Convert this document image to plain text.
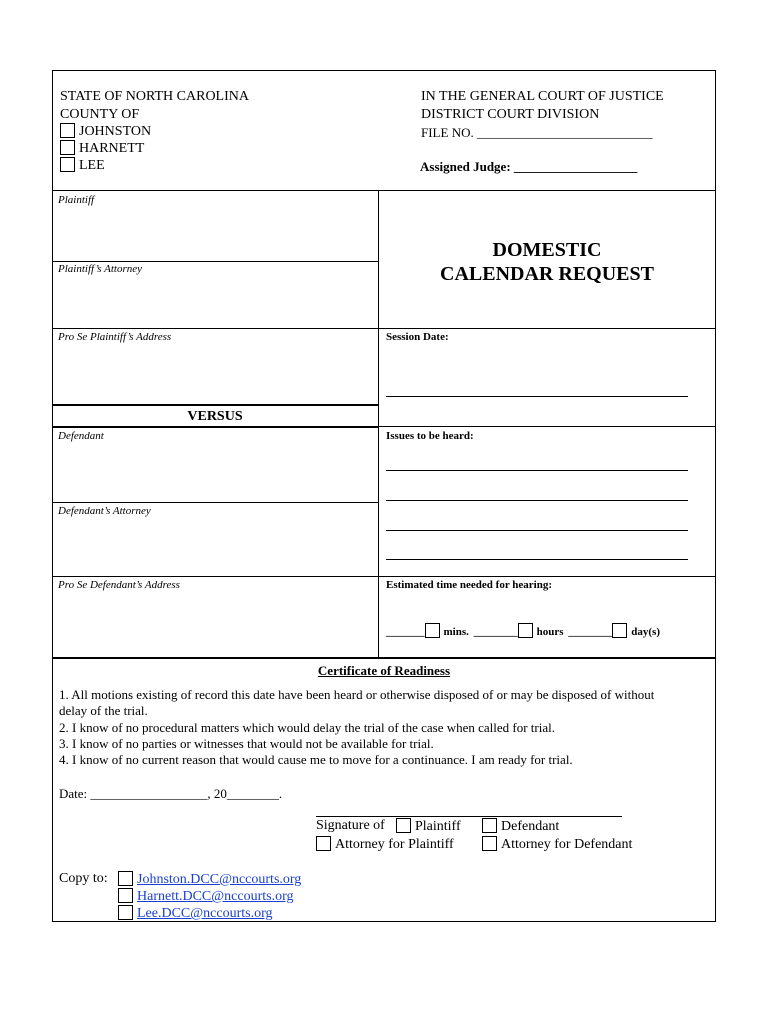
STATE OF NORTH CAROLINA
COUNTY OF
JOHNSTON
HARNETT
LEE
IN THE GENERAL COURT OF JUSTICE
DISTRICT COURT DIVISION
FILE NO. ___________________________
Assigned Judge: ___________________
Plaintiff
Plaintiff’s Attorney
Pro Se Plaintiff’s Address
VERSUS
Defendant
Defendant’s Attorney
Pro Se Defendant’s Address
DOMESTIC
CALENDAR REQUEST
Session Date:
Issues to be heard:
Estimated time needed for hearing:
_______ mins. ________ hours ________ day(s)
Certificate of Readiness
1. All motions existing of record this date have been heard or otherwise disposed of or may be disposed of without
delay of the trial.
2. I know of no procedural matters which would delay the trial of the case when called for trial.
3. I know of no parties or witnesses that would not be available for trial.
4. I know of no current reason that would cause me to move for a continuance. I am ready for trial.
Date: __________________, 20________.
Signature of	Plaintiff	Defendant
Attorney for Plaintiff	Attorney for Defendant
Copy to:	Johnston.DCC@nccourts.org
Harnett.DCC@nccourts.org
Lee.DCC@nccourts.org
